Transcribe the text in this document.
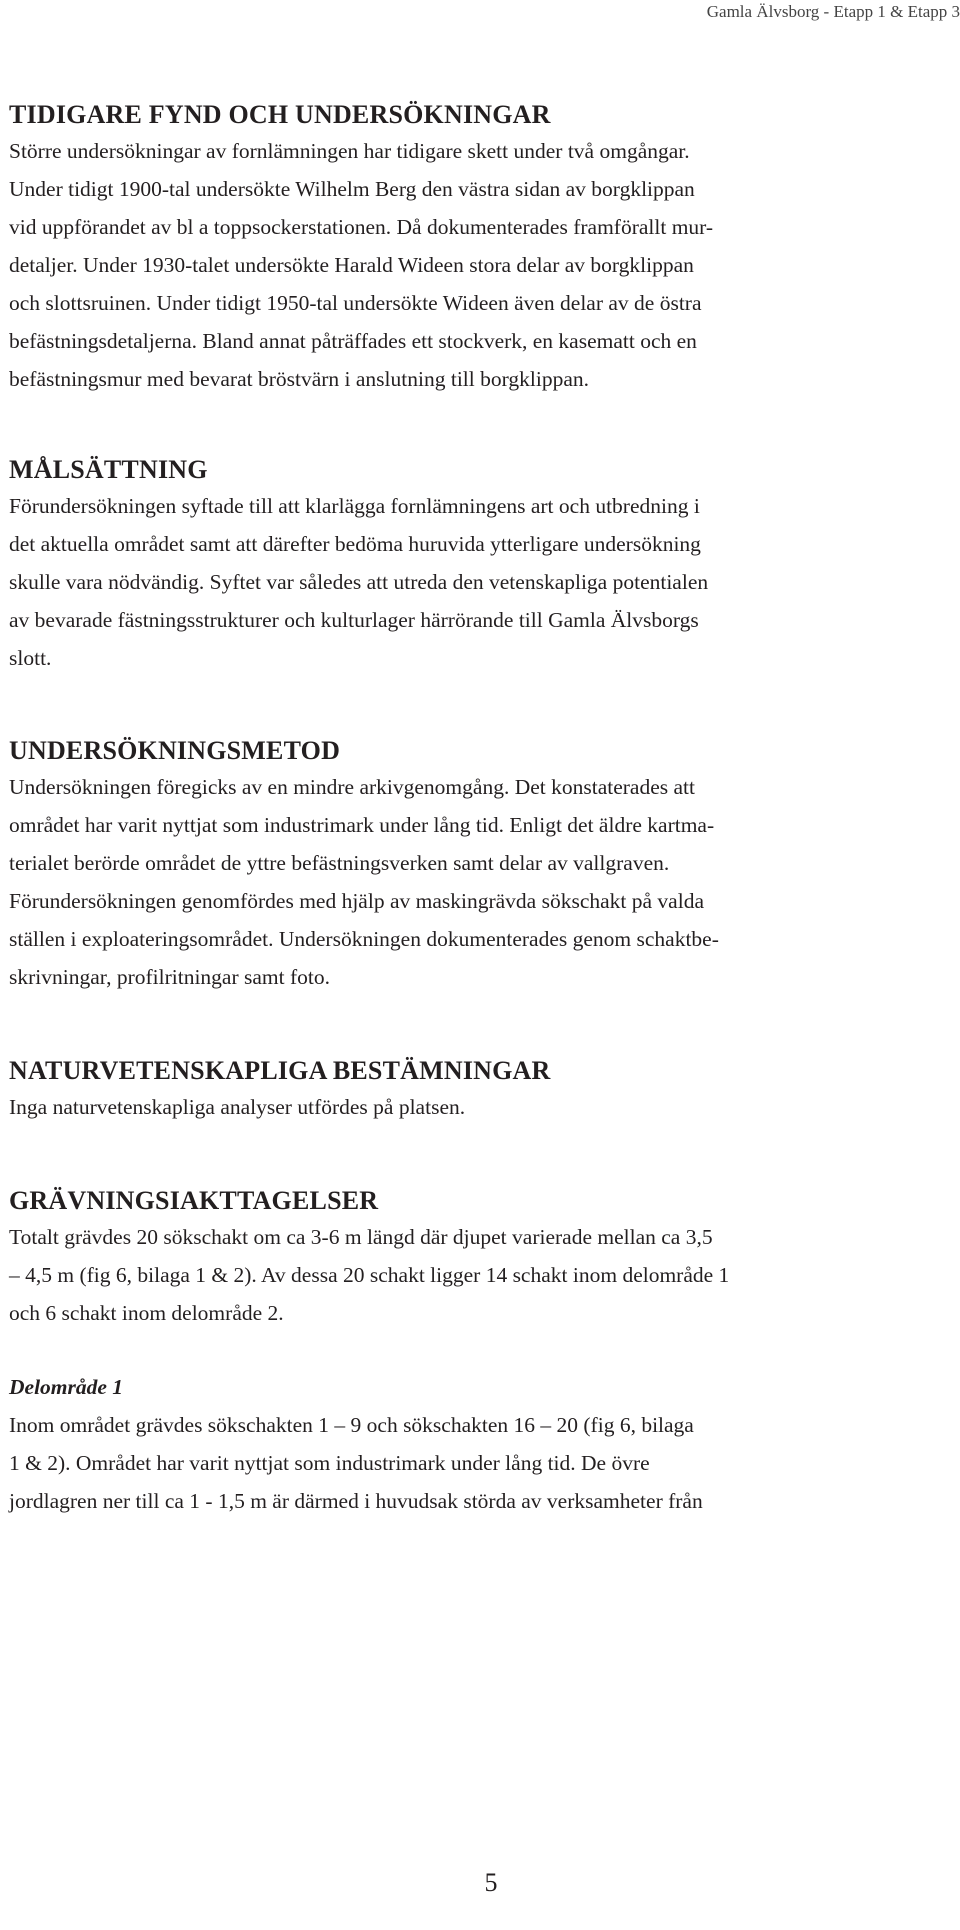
Gamla Älvsborg - Etapp 1 & Etapp 3
TIDIGARE FYND OCH UNDERSÖKNINGAR

Större undersökningar av fornlämningen har tidigare skett under två omgångar.
Under tidigt 1900-tal undersökte Wilhelm Berg den västra sidan av borgklippan
vid uppförandet av bl a toppsockerstationen. Då dokumenterades framförallt mur-
detaljer. Under 1930-talet undersökte Harald Wideen stora delar av borgklippan
och slottsruinen. Under tidigt 1950-tal undersökte Wideen även delar av de östra
befästningsdetaljerna. Bland annat påträffades ett stockverk, en kasematt och en
befästningsmur med bevarat bröstvärn i anslutning till borgklippan.

MÅLSÄTTNING

Förundersökningen syftade till att klarlägga fornlämningens art och utbredning i
det aktuella området samt att därefter bedöma huruvida ytterligare undersökning
skulle vara nödvändig. Syftet var således att utreda den vetenskapliga potentialen
av bevarade fästningsstrukturer och kulturlager härrörande till Gamla Älvsborgs
slott.

UNDERSÖKNINGSMETOD

Undersökningen föregicks av en mindre arkivgenomgång. Det konstaterades att
området har varit nyttjat som industrimark under lång tid. Enligt det äldre kartma-
terialet berörde området de yttre befästningsverken samt delar av vallgraven.
Förundersökningen genomfördes med hjälp av maskingrävda sökschakt på valda
ställen i exploateringsområdet. Undersökningen dokumenterades genom schaktbe-
skrivningar, profilritningar samt foto.

NATURVETENSKAPLIGA BESTÄMNINGAR

Inga naturvetenskapliga analyser utfördes på platsen.

GRÄVNINGSIAKTTAGELSER

Totalt grävdes 20 sökschakt om ca 3-6 m längd där djupet varierade mellan ca 3,5
– 4,5 m (fig 6, bilaga 1 & 2). Av dessa 20 schakt ligger 14 schakt inom delområde 1
och 6 schakt inom delområde 2.

Delområde 1

Inom området grävdes sökschakten 1 – 9 och sökschakten 16 – 20 (fig 6, bilaga
1 & 2). Området har varit nyttjat som industrimark under lång tid. De övre
jordlagren ner till ca 1 - 1,5 m är därmed i huvudsak störda av verksamheter från

5
